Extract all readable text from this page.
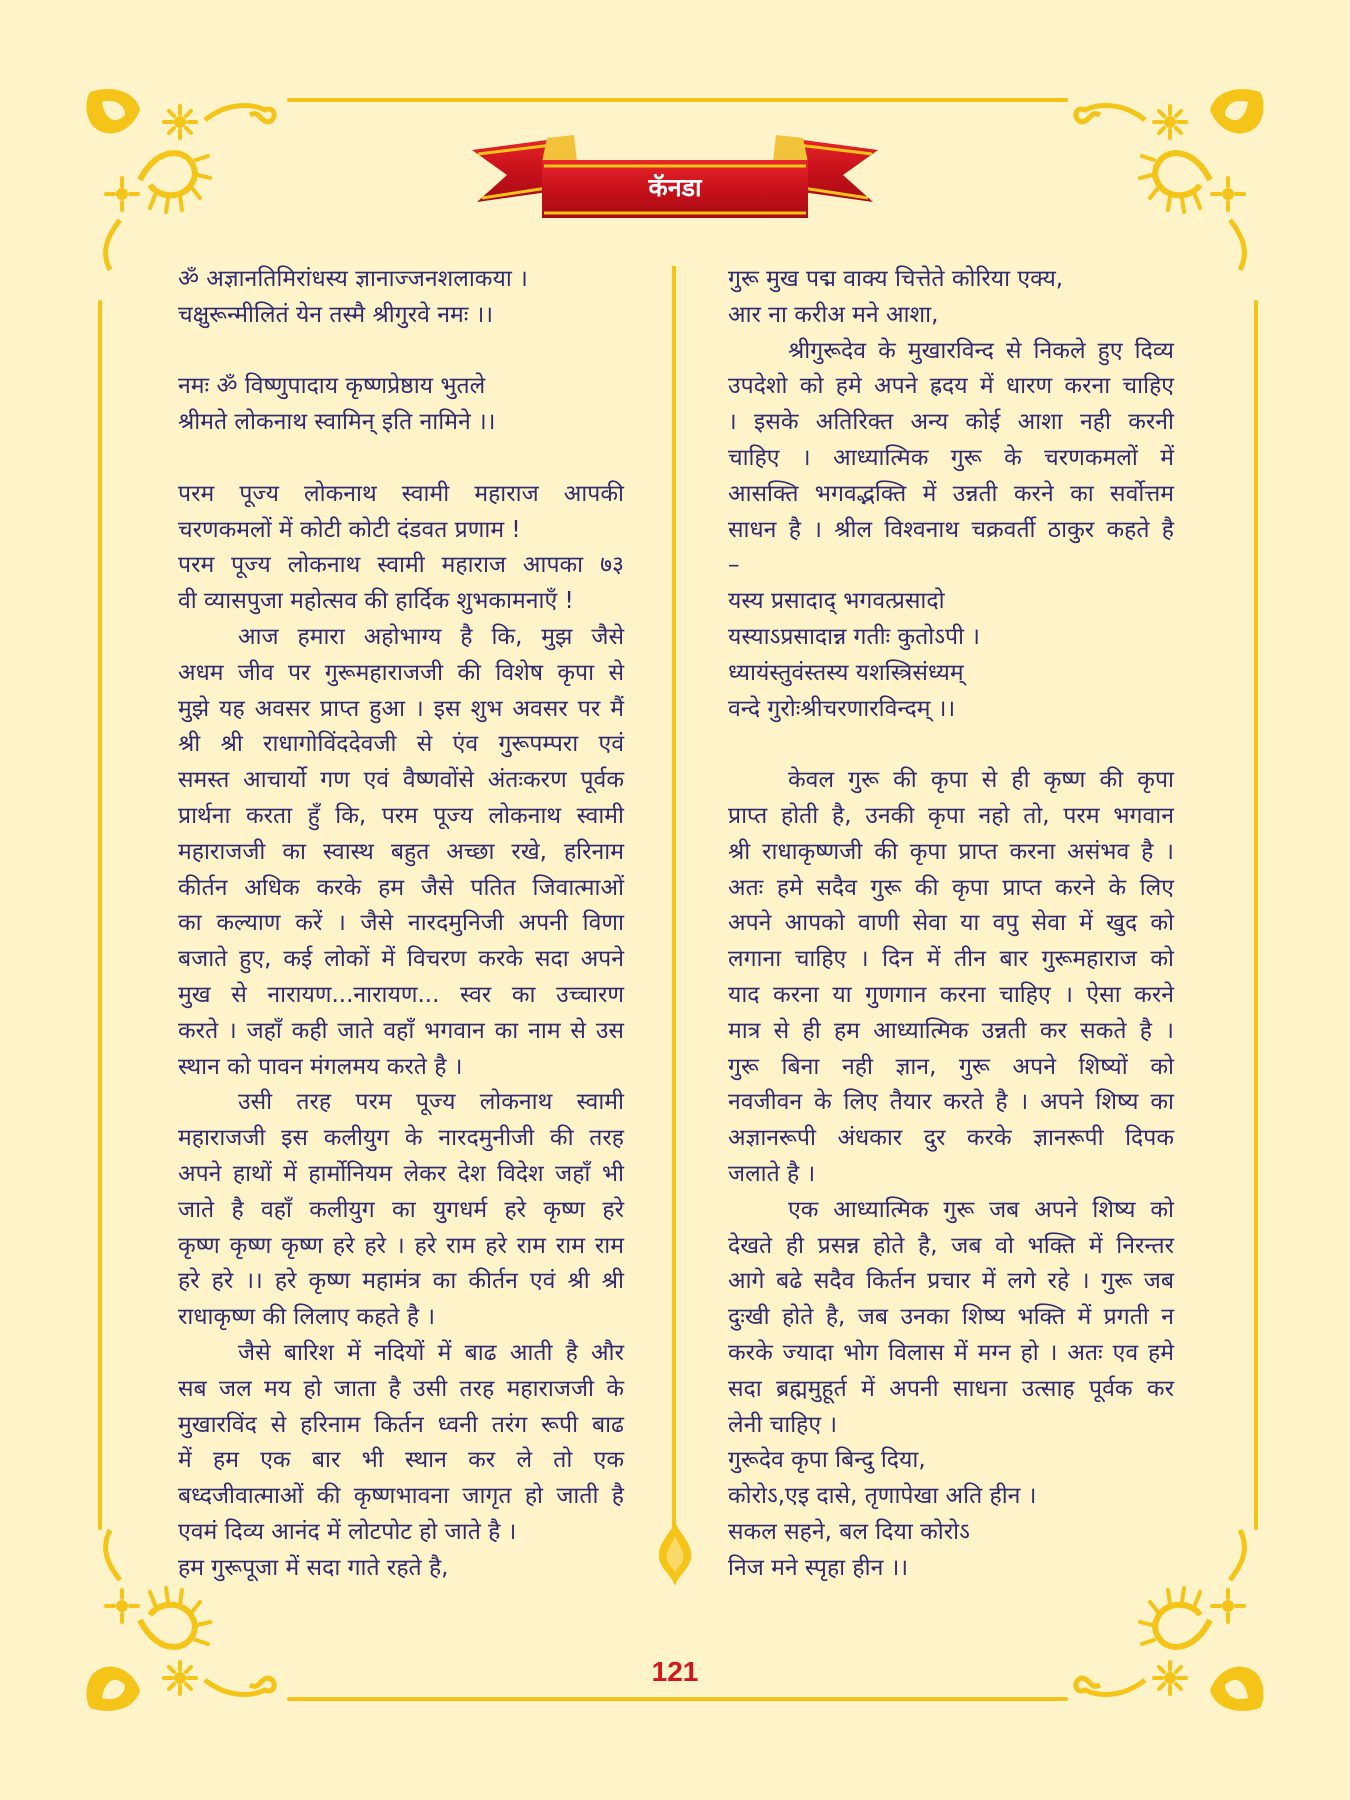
कॅनडा
ॐ अज्ञानतिमिरांधस्य ज्ञानाज्जनशलाकया ।
चक्षुरून्मीलितं येन तस्मै श्रीगुरवे नमः ।।
नमः ॐ विष्णुपादाय कृष्णप्रेष्ठाय भुतले
श्रीमते लोकनाथ स्वामिन् इति नामिने ।।
परम पूज्य लोकनाथ स्वामी महाराज आपकी
चरणकमलों में कोटी कोटी दंडवत प्रणाम !
परम पूज्य लोकनाथ स्वामी महाराज आपका ७३
वी व्यासपुजा महोत्सव की हार्दिक शुभकामनाएँ !
आज हमारा अहोभाग्य है कि, मुझ जैसे
अधम जीव पर गुरूमहाराजजी की विशेष कृपा से
मुझे यह अवसर प्राप्त हुआ । इस शुभ अवसर पर मैं
श्री श्री राधागोविंददेवजी से एंव गुरूपम्परा एवं
समस्त आचार्यो गण एवं वैष्णवोंसे अंतःकरण पूर्वक
प्रार्थना करता हुँ कि, परम पूज्य लोकनाथ स्वामी
महाराजजी का स्वास्थ बहुत अच्छा रखे, हरिनाम
कीर्तन अधिक करके हम जैसे पतित जिवात्माओं
का कल्याण करें । जैसे नारदमुनिजी अपनी विणा
बजाते हुए, कई लोकों में विचरण करके सदा अपने
मुख से नारायण...नारायण... स्वर का उच्चारण
करते । जहाँ कही जाते वहाँ भगवान का नाम से उस
स्थान को पावन मंगलमय करते है ।
उसी तरह परम पूज्य लोकनाथ स्वामी
महाराजजी इस कलीयुग के नारदमुनीजी की तरह
अपने हाथों में हार्मोनियम लेकर देश विदेश जहाँ भी
जाते है वहाँ कलीयुग का युगधर्म हरे कृष्ण हरे
कृष्ण कृष्ण कृष्ण हरे हरे । हरे राम हरे राम राम राम
हरे हरे ।। हरे कृष्ण महामंत्र का कीर्तन एवं श्री श्री
राधाकृष्ण की लिलाए कहते है ।
जैसे बारिश में नदियों में बाढ आती है और
सब जल मय हो जाता है उसी तरह महाराजजी के
मुखारविंद से हरिनाम किर्तन ध्वनी तरंग रूपी बाढ
में हम एक बार भी स्थान कर ले तो एक
बध्दजीवात्माओं की कृष्णभावना जागृत हो जाती है
एवमं दिव्य आनंद में लोटपोट हो जाते है ।
हम गुरूपूजा में सदा गाते रहते है,
गुरू मुख पद्म वाक्य चित्तेते कोरिया एक्य,
आर ना करीअ मने आशा,
श्रीगुरूदेव के मुखारविन्द से निकले हुए दिव्य
उपदेशो को हमे अपने ह्रदय में धारण करना चाहिए
। इसके अतिरिक्त अन्य कोई आशा नही करनी
चाहिए । आध्यात्मिक गुरू के चरणकमलों में
आसक्ति भगवद्भक्ति में उन्नती करने का सर्वोत्तम
साधन है । श्रील विश्वनाथ चक्रवर्ती ठाकुर कहते है
–
यस्य प्रसादाद् भगवत्प्रसादो
यस्याऽप्रसादान्न गतीः कुतोऽपी ।
ध्यायंस्तुवंस्तस्य यशस्त्रिसंध्यम्
वन्दे गुरोःश्रीचरणारविन्दम् ।।
केवल गुरू की कृपा से ही कृष्ण की कृपा
प्राप्त होती है, उनकी कृपा नहो तो, परम भगवान
श्री राधाकृष्णजी की कृपा प्राप्त करना असंभव है ।
अतः हमे सदैव गुरू की कृपा प्राप्त करने के लिए
अपने आपको वाणी सेवा या वपु सेवा में खुद को
लगाना चाहिए । दिन में तीन बार गुरूमहाराज को
याद करना या गुणगान करना चाहिए । ऐसा करने
मात्र से ही हम आध्यात्मिक उन्नती कर सकते है ।
गुरू बिना नही ज्ञान, गुरू अपने शिष्यों को
नवजीवन के लिए तैयार करते है । अपने शिष्य का
अज्ञानरूपी अंधकार दुर करके ज्ञानरूपी दिपक
जलाते है ।
एक आध्यात्मिक गुरू जब अपने शिष्य को
देखते ही प्रसन्न होते है, जब वो भक्ति में निरन्तर
आगे बढे सदैव किर्तन प्रचार में लगे रहे । गुरू जब
दुःखी होते है, जब उनका शिष्य भक्ति में प्रगती न
करके ज्यादा भोग विलास में मग्न हो । अतः एव हमे
सदा ब्रह्ममुहूर्त में अपनी साधना उत्साह पूर्वक कर
लेनी चाहिए ।
गुरूदेव कृपा बिन्दु दिया,
कोरोऽ,एइ दासे, तृणापेखा अति हीन ।
सकल सहने, बल दिया कोरोऽ
निज मने स्पृहा हीन ।।
121
